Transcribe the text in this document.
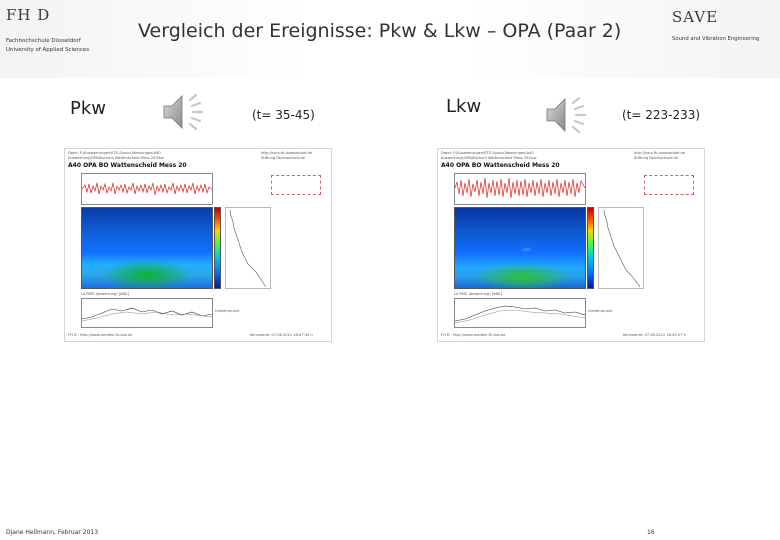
FH D
Fachhochschule Düsseldorf
University of Applied Sciences
Vergleich der Ereignisse: Pkw & Lkw – OPA (Paar 2)
SAVE
Sound and Vibration Engineering
Pkw	(t= 35-45)	Lkw	(t= 223-233)
Datei: F:\Auswertungen\ETS-Sound-Messungen\A40
Auswertung\OPA\Bochum Wattenscheid Mess 20\Pkw
http://kurs.fh-duesseldorf.de
Stiftung Fachhochschule
A40 OPA BO Wattenscheid Mess 20
Ld RMS (bewertung) [dBA]
Umkehrpunkt
FH D · http://www.medien-fh-dus.de	Kennwerte: 07.08.2012 18:47:34 h
Datei: F:\Auswertungen\ETS-Sound-Messungen\A40
Auswertung\OPA\Bochum Wattenscheid Mess 20\Lkw
http://kurs.fh-duesseldorf.de
Stiftung Fachhochschule
A40 OPA BO Wattenscheid Mess 20
Ld RMS (bewertung) [dBA]
Umkehrpunkt
FH D · http://www.medien-fh-dus.de	Kennwerte: 07.08.2012 18:49:27 h
Djane Hellmann, Februar 2013	16
